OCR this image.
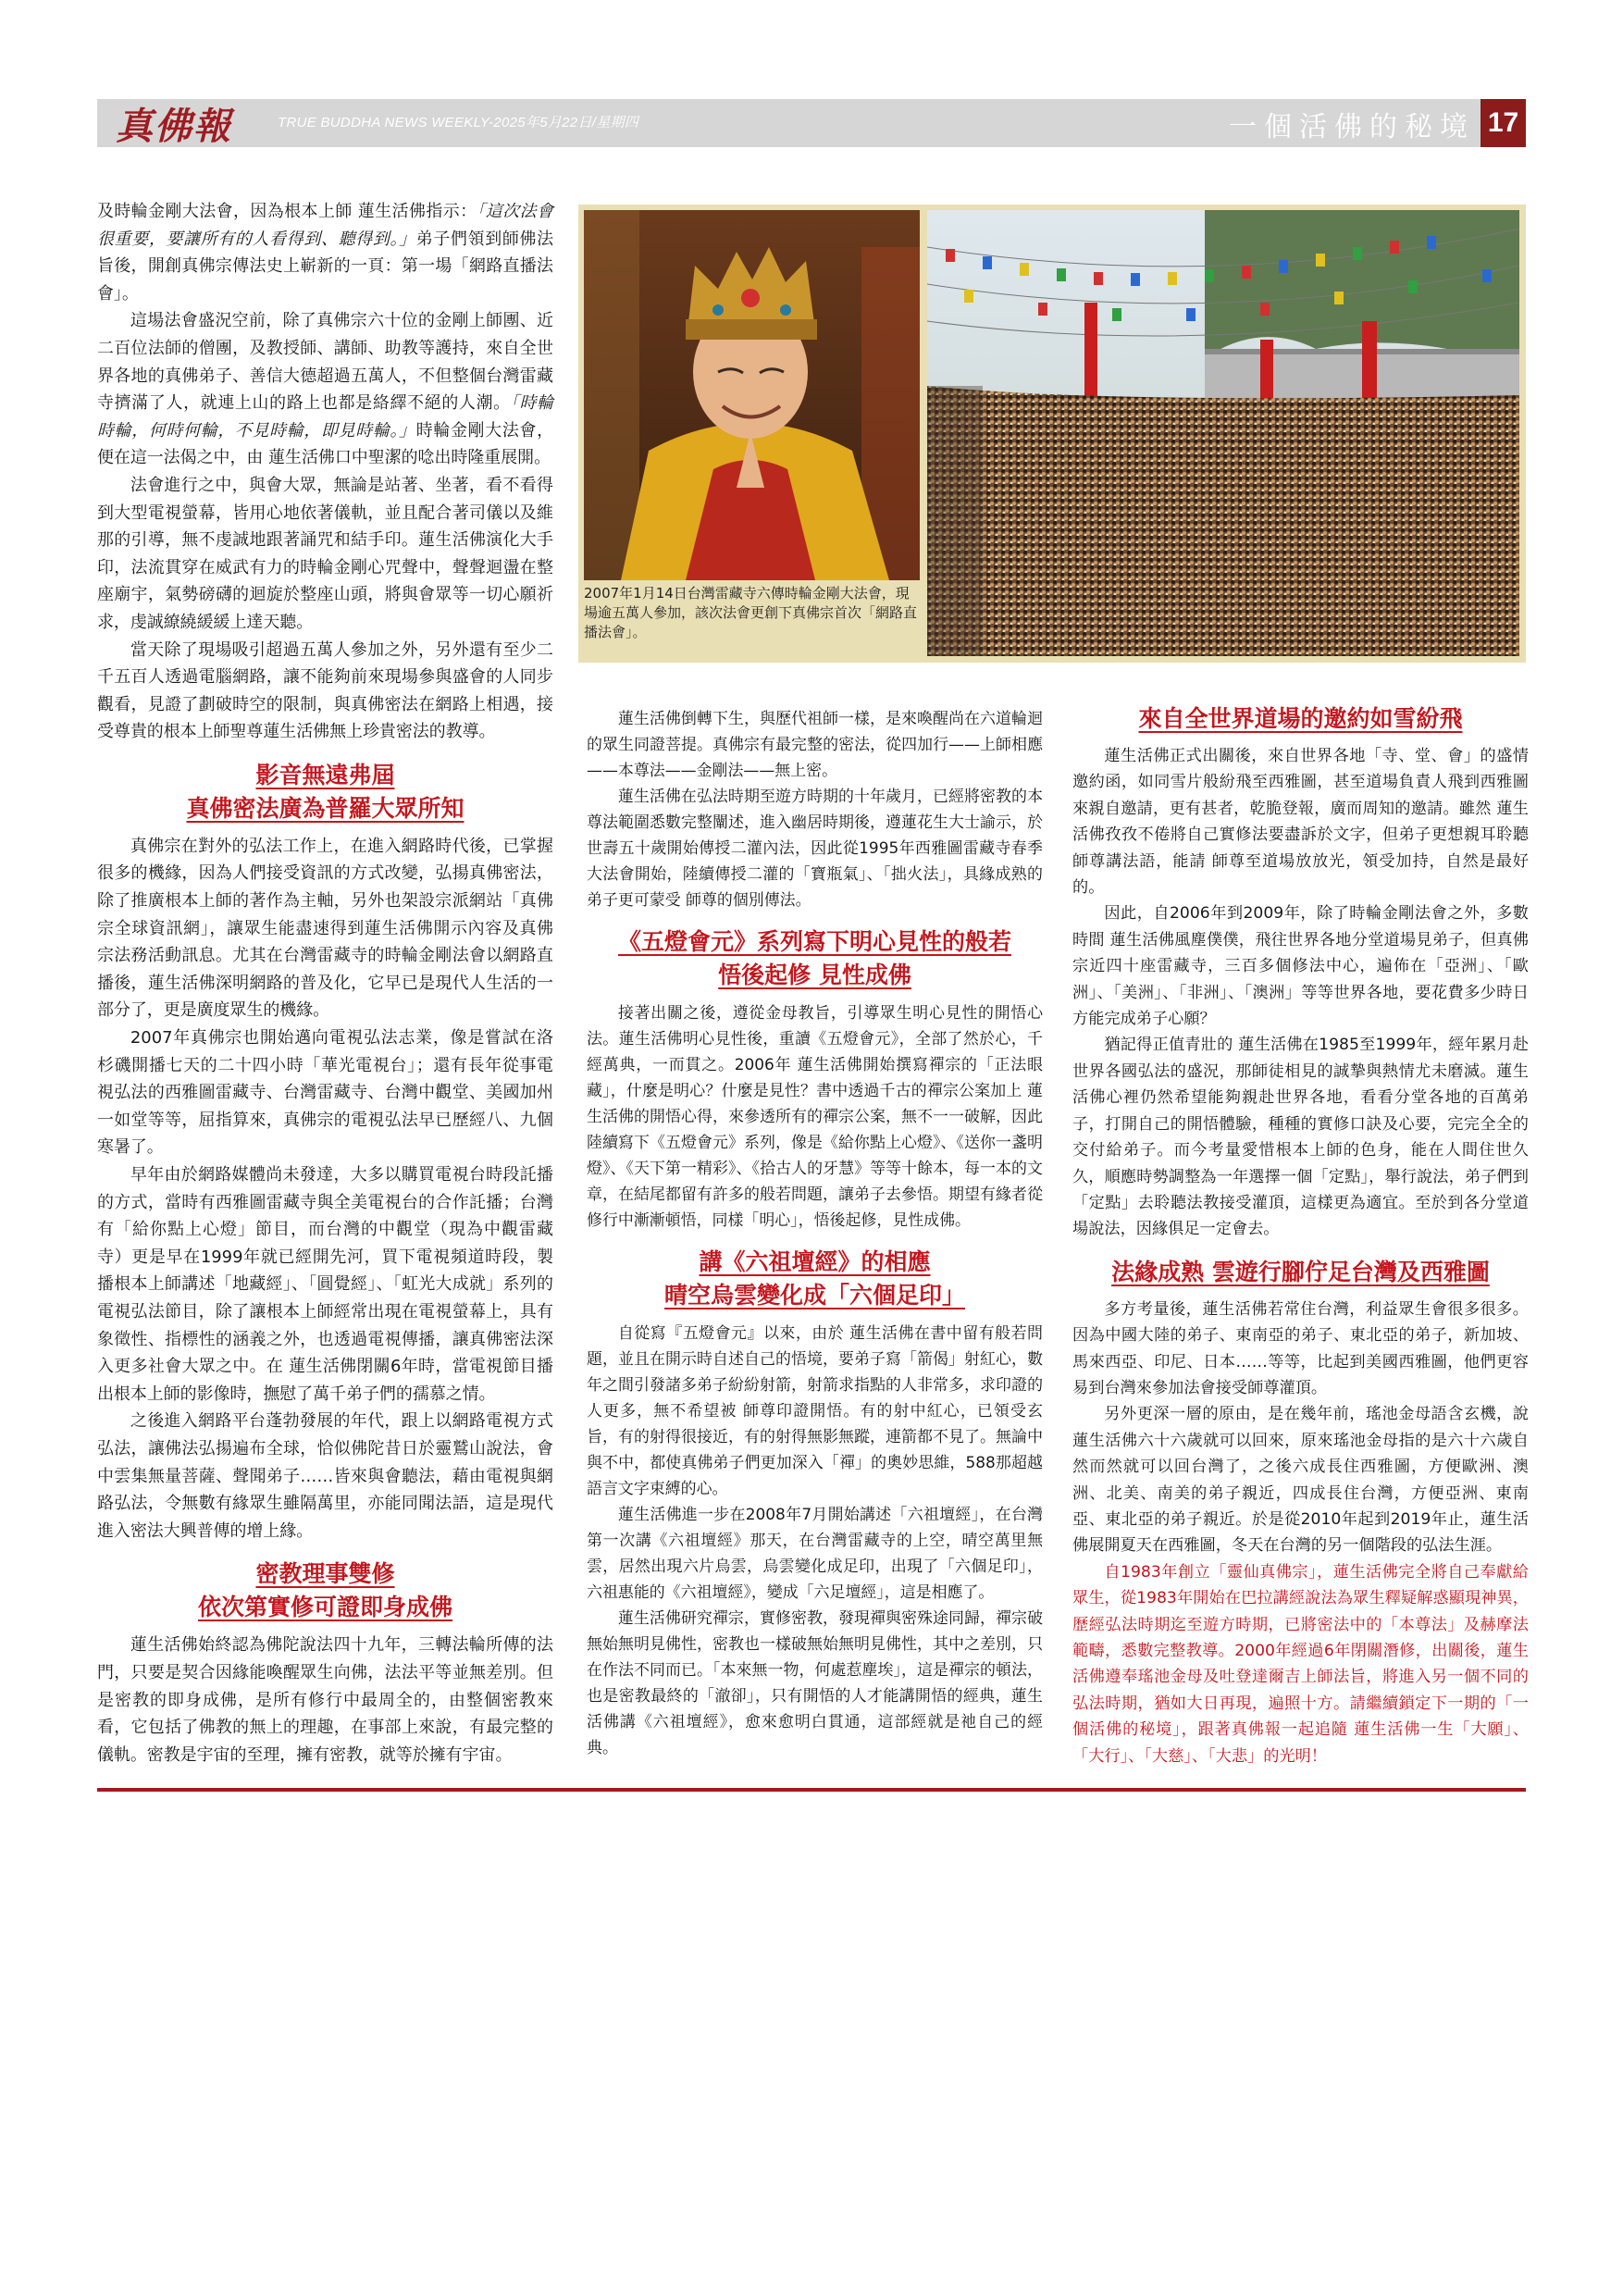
真佛報	TRUE BUDDHA NEWS WEEKLY-2025年5月22日/星期四	一個活佛的秘境 17
2007年1月14日台灣雷藏寺六傳時輪金剛大法會，現場逾五萬人參加，該次法會更創下真佛宗首次「網路直播法會」。

及時輪金剛大法會，因為根本上師 蓮生活佛指示：「這次法會很重要，要讓所有的人看得到、聽得到。」弟子們領到師佛法旨後，開創真佛宗傳法史上嶄新的一頁：第一場「網路直播法會」。

這場法會盛況空前，除了真佛宗六十位的金剛上師團、近二百位法師的僧團，及教授師、講師、助教等護持，來自全世界各地的真佛弟子、善信大德超過五萬人，不但整個台灣雷藏寺擠滿了人，就連上山的路上也都是絡繹不絕的人潮。「時輪時輪，何時何輪，不見時輪，即見時輪。」時輪金剛大法會，便在這一法偈之中，由 蓮生活佛口中聖潔的唸出時隆重展開。

法會進行之中，與會大眾，無論是站著、坐著，看不看得到大型電視螢幕，皆用心地依著儀軌，並且配合著司儀以及維那的引導，無不虔誠地跟著誦咒和結手印。蓮生活佛演化大手印，法流貫穿在威武有力的時輪金剛心咒聲中，聲聲迴盪在整座廟宇，氣勢磅礴的迴旋於整座山頭，將與會眾等一切心願祈求，虔誠繚繞緩緩上達天聽。

當天除了現場吸引超過五萬人參加之外，另外還有至少二千五百人透過電腦網路，讓不能夠前來現場參與盛會的人同步觀看，見證了劃破時空的限制，與真佛密法在網路上相遇，接受尊貴的根本上師聖尊蓮生活佛無上珍貴密法的教導。

影音無遠弗屆
真佛密法廣為普羅大眾所知

真佛宗在對外的弘法工作上，在進入網路時代後，已掌握很多的機緣，因為人們接受資訊的方式改變，弘揚真佛密法，除了推廣根本上師的著作為主軸，另外也架設宗派網站「真佛宗全球資訊網」，讓眾生能盡速得到蓮生活佛開示內容及真佛宗法務活動訊息。尤其在台灣雷藏寺的時輪金剛法會以網路直播後，蓮生活佛深明網路的普及化，它早已是現代人生活的一部分了，更是廣度眾生的機緣。

2007年真佛宗也開始邁向電視弘法志業，像是嘗試在洛杉磯開播七天的二十四小時「華光電視台」；還有長年從事電視弘法的西雅圖雷藏寺、台灣雷藏寺、台灣中觀堂、美國加州一如堂等等，屈指算來，真佛宗的電視弘法早已歷經八、九個寒暑了。

早年由於網路媒體尚未發達，大多以購買電視台時段託播的方式，當時有西雅圖雷藏寺與全美電視台的合作託播；台灣有「給你點上心燈」節目，而台灣的中觀堂（現為中觀雷藏寺）更是早在1999年就已經開先河，買下電視頻道時段，製播根本上師講述「地藏經」、「圓覺經」、「虹光大成就」系列的電視弘法節目，除了讓根本上師經常出現在電視螢幕上，具有象徵性、指標性的涵義之外，也透過電視傳播，讓真佛密法深入更多社會大眾之中。在 蓮生活佛閉關6年時，當電視節目播出根本上師的影像時，撫慰了萬千弟子們的孺慕之情。

之後進入網路平台蓬勃發展的年代，跟上以網路電視方式弘法，讓佛法弘揚遍布全球，恰似佛陀昔日於靈鷲山說法，會中雲集無量菩薩、聲聞弟子……皆來與會聽法，藉由電視與網路弘法，令無數有緣眾生雖隔萬里，亦能同聞法語，這是現代進入密法大興普傳的增上緣。

密教理事雙修
依次第實修可證即身成佛

蓮生活佛始終認為佛陀說法四十九年，三轉法輪所傳的法門，只要是契合因緣能喚醒眾生向佛，法法平等並無差別。但是密教的即身成佛，是所有修行中最周全的，由整個密教來看，它包括了佛教的無上的理趣，在事部上來說，有最完整的儀軌。密教是宇宙的至理，擁有密教，就等於擁有宇宙。

蓮生活佛倒轉下生，與歷代祖師一樣，是來喚醒尚在六道輪迴的眾生同證菩提。真佛宗有最完整的密法，從四加行——上師相應——本尊法——金剛法——無上密。

蓮生活佛在弘法時期至遊方時期的十年歲月，已經將密教的本尊法範圍悉數完整闡述，進入幽居時期後，遵蓮花生大士諭示，於世壽五十歲開始傳授二灌內法，因此從1995年西雅圖雷藏寺春季大法會開始，陸續傳授二灌的「寶瓶氣」、「拙火法」，具緣成熟的弟子更可蒙受 師尊的個別傳法。

《五燈會元》系列寫下明心見性的般若
悟後起修 見性成佛

接著出關之後，遵從金母教旨，引導眾生明心見性的開悟心法。蓮生活佛明心見性後，重讀《五燈會元》，全部了然於心，千經萬典，一而貫之。2006年 蓮生活佛開始撰寫禪宗的「正法眼藏」，什麼是明心？什麼是見性？書中透過千古的禪宗公案加上 蓮生活佛的開悟心得，來參透所有的禪宗公案，無不一一破解，因此陸續寫下《五燈會元》系列，像是《給你點上心燈》、《送你一盞明燈》、《天下第一精彩》、《拾古人的牙慧》等等十餘本，每一本的文章，在結尾都留有許多的般若問題，讓弟子去參悟。期望有緣者從修行中漸漸頓悟，同樣「明心」，悟後起修，見性成佛。

講《六祖壇經》的相應
晴空烏雲變化成「六個足印」

自從寫『五燈會元』以來，由於 蓮生活佛在書中留有般若問題，並且在開示時自述自己的悟境，要弟子寫「箭偈」射紅心，數年之間引發諸多弟子紛紛射箭，射箭求指點的人非常多，求印證的人更多，無不希望被 師尊印證開悟。有的射中紅心，已領受玄旨，有的射得很接近，有的射得無影無蹤，連箭都不見了。無論中與不中，都使真佛弟子們更加深入「禪」的奧妙思維，588那超越語言文字束縛的心。

蓮生活佛進一步在2008年7月開始講述「六祖壇經」，在台灣第一次講《六祖壇經》那天，在台灣雷藏寺的上空，晴空萬里無雲，居然出現六片烏雲，烏雲變化成足印，出現了「六個足印」，六祖惠能的《六祖壇經》，變成「六足壇經」，這是相應了。

蓮生活佛研究禪宗，實修密教，發現禪與密殊途同歸，禪宗破無始無明見佛性，密教也一樣破無始無明見佛性，其中之差別，只在作法不同而已。「本來無一物，何處惹塵埃」，這是禪宗的頓法，也是密教最終的「澈卻」，只有開悟的人才能講開悟的經典，蓮生活佛講《六祖壇經》，愈來愈明白貫通，這部經就是祂自己的經典。

來自全世界道場的邀約如雪紛飛

蓮生活佛正式出關後，來自世界各地「寺、堂、會」的盛情邀約函，如同雪片般紛飛至西雅圖，甚至道場負責人飛到西雅圖來親自邀請，更有甚者，乾脆登報，廣而周知的邀請。雖然 蓮生活佛孜孜不倦將自己實修法要盡訴於文字，但弟子更想親耳聆聽 師尊講法語，能請 師尊至道場放放光，領受加持，自然是最好的。

因此，自2006年到2009年，除了時輪金剛法會之外，多數時間 蓮生活佛風塵僕僕，飛往世界各地分堂道場見弟子，但真佛宗近四十座雷藏寺，三百多個修法中心，遍佈在「亞洲」、「歐洲」、「美洲」、「非洲」、「澳洲」等等世界各地，要花費多少時日方能完成弟子心願？

猶記得正值青壯的 蓮生活佛在1985至1999年，經年累月赴世界各國弘法的盛況，那師徒相見的誠摯與熱情尤未磨滅。蓮生活佛心裡仍然希望能夠親赴世界各地，看看分堂各地的百萬弟子，打開自己的開悟體驗，種種的實修口訣及心要，完完全全的交付給弟子。而今考量愛惜根本上師的色身，能在人間住世久久，順應時勢調整為一年選擇一個「定點」，舉行說法，弟子們到「定點」去聆聽法教接受灌頂，這樣更為適宜。至於到各分堂道場說法，因緣俱足一定會去。

法緣成熟 雲遊行腳佇足台灣及西雅圖

多方考量後，蓮生活佛若常住台灣，利益眾生會很多很多。因為中國大陸的弟子、東南亞的弟子、東北亞的弟子，新加坡、馬來西亞、印尼、日本……等等，比起到美國西雅圖，他們更容易到台灣來參加法會接受師尊灌頂。

另外更深一層的原由，是在幾年前，瑤池金母語含玄機，說 蓮生活佛六十六歲就可以回來，原來瑤池金母指的是六十六歲自然而然就可以回台灣了，之後六成長住西雅圖，方便歐洲、澳洲、北美、南美的弟子親近，四成長住台灣，方便亞洲、東南亞、東北亞的弟子親近。於是從2010年起到2019年止，蓮生活佛展開夏天在西雅圖，冬天在台灣的另一個階段的弘法生涯。

自1983年創立「靈仙真佛宗」，蓮生活佛完全將自己奉獻給眾生，從1983年開始在巴拉講經說法為眾生釋疑解惑顯現神異，歷經弘法時期迄至遊方時期，已將密法中的「本尊法」及赫摩法範疇，悉數完整教導。2000年經過6年閉關潛修，出關後，蓮生活佛遵奉瑤池金母及吐登達爾吉上師法旨，將進入另一個不同的弘法時期，猶如大日再現，遍照十方。請繼續鎖定下一期的「一個活佛的秘境」，跟著真佛報一起追隨 蓮生活佛一生「大願」、「大行」、「大慈」、「大悲」的光明！
